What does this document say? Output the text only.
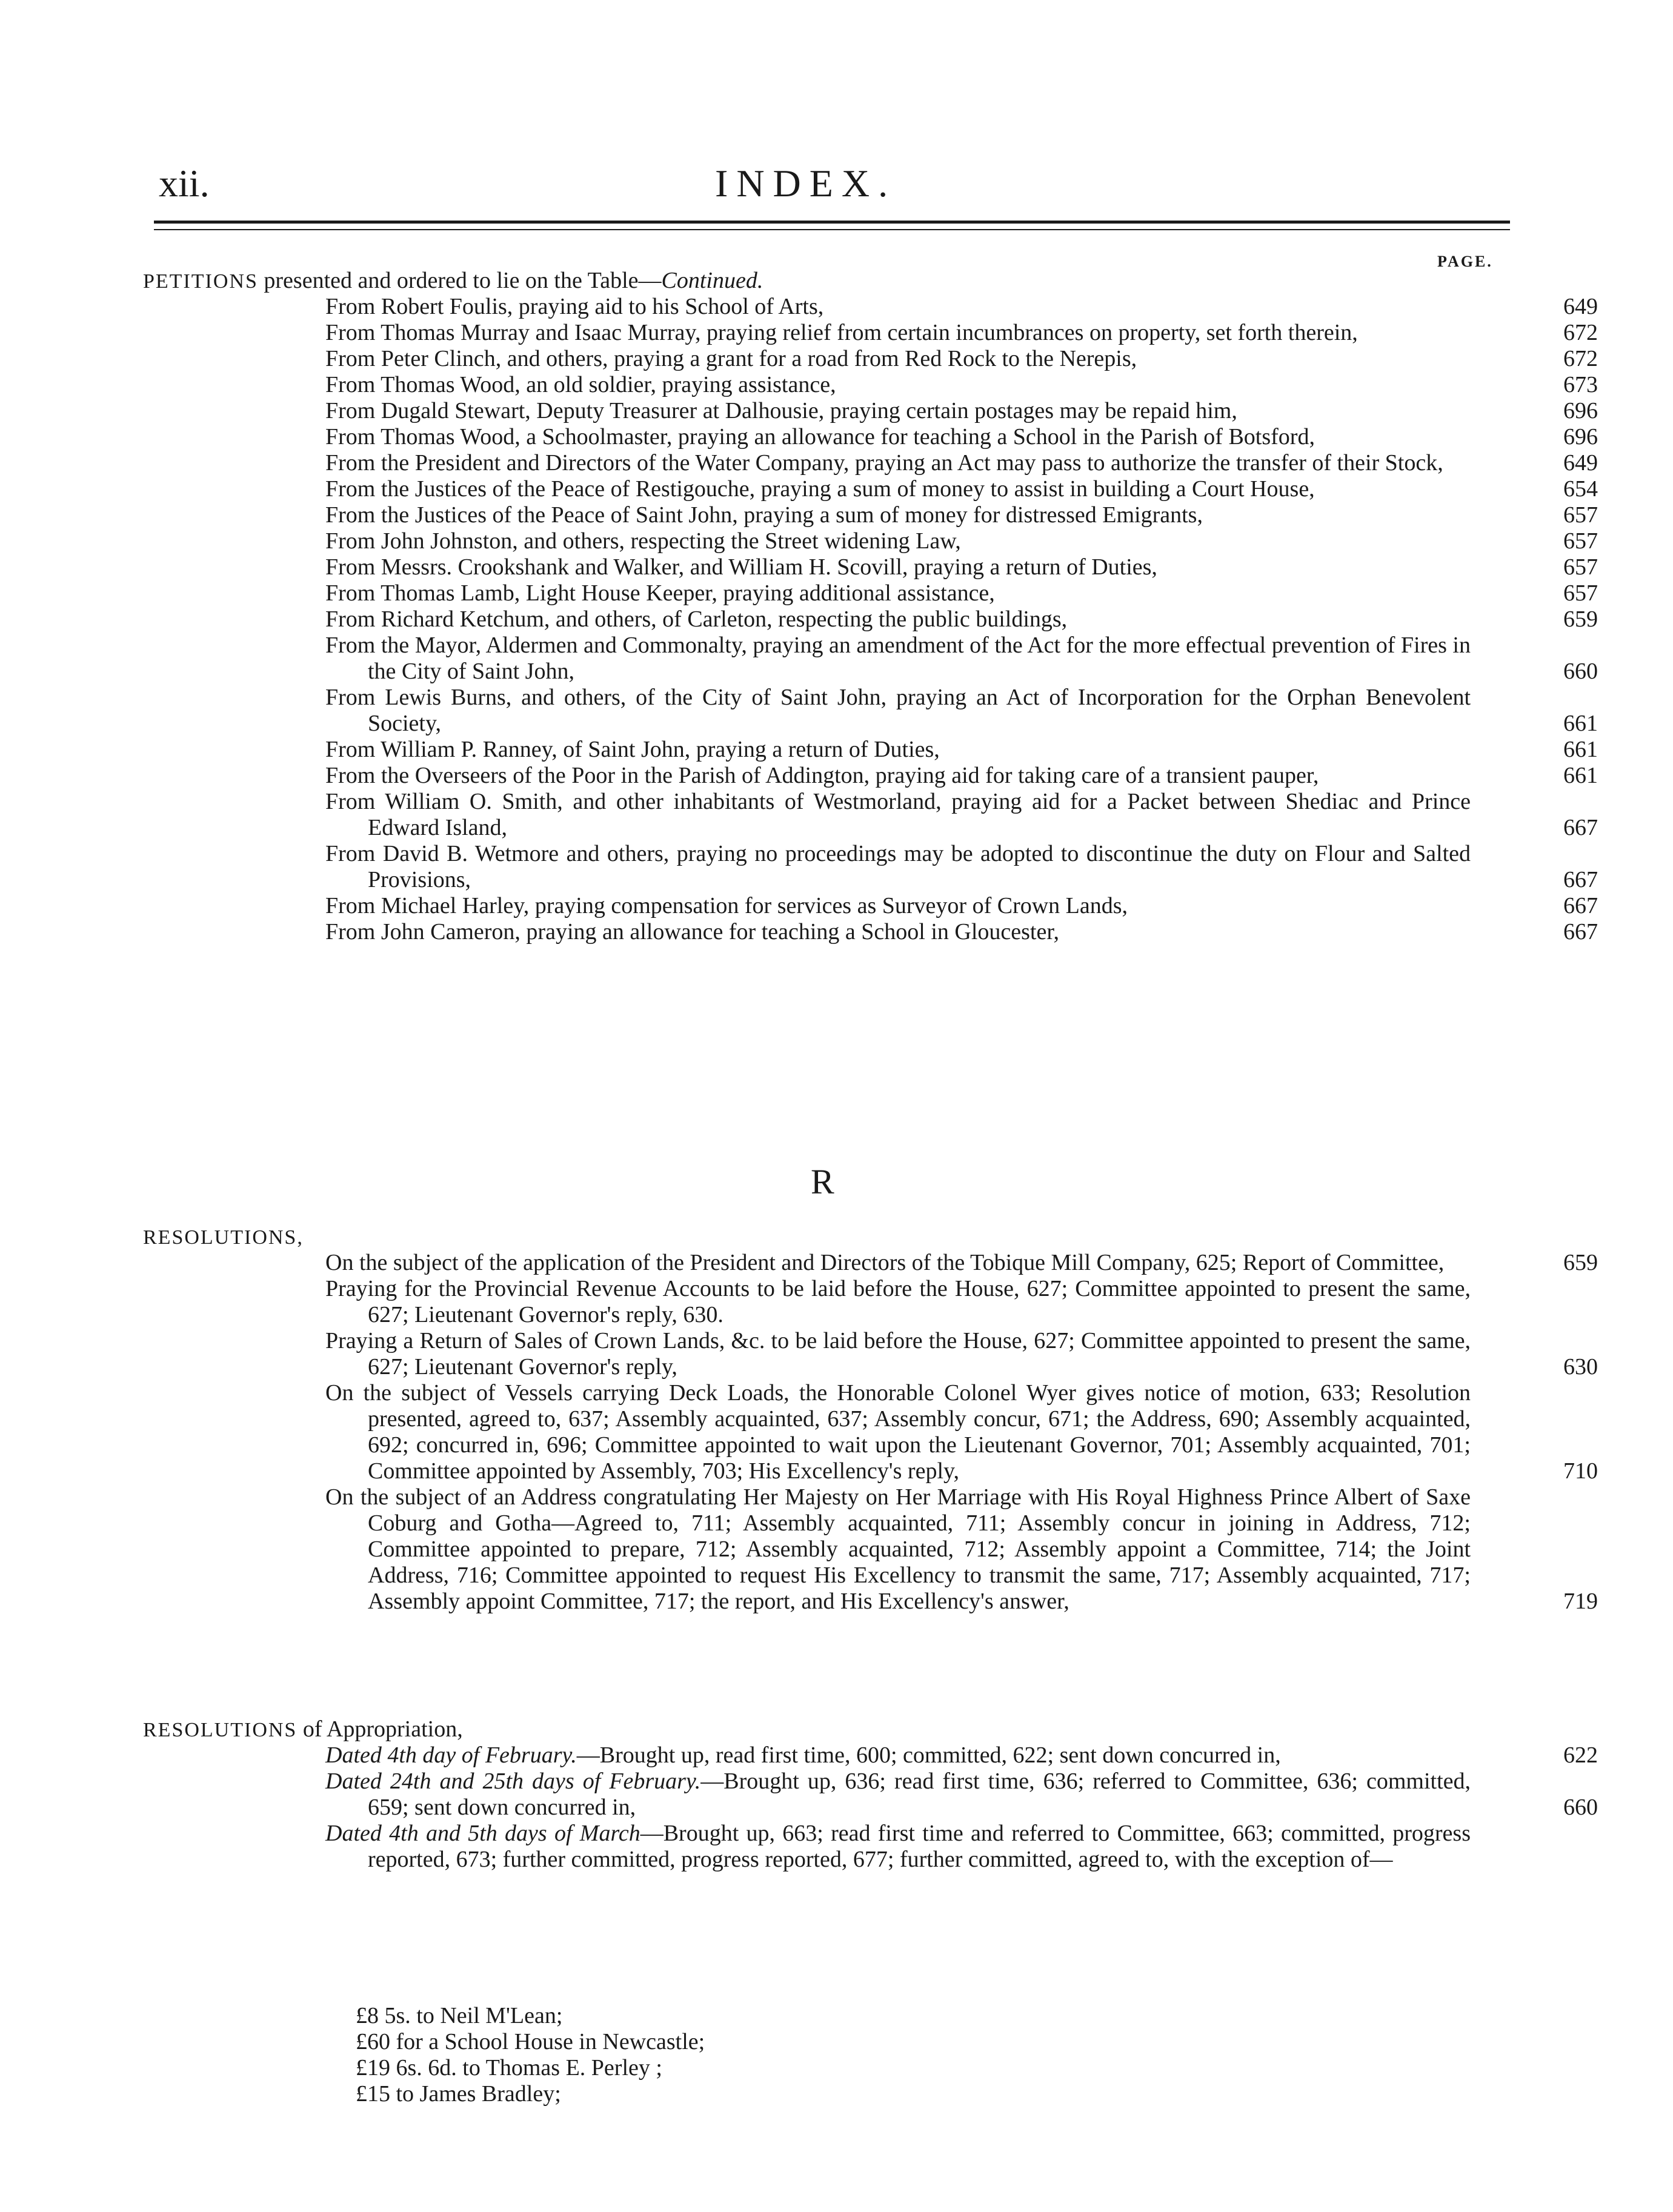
xii.	INDEX.
PAGE.
PETITIONS presented and ordered to lie on the Table—Continued.
From Robert Foulis, praying aid to his School of Arts,	649
From Thomas Murray and Isaac Murray, praying relief from certain incumbrances on property, set forth therein,	672
From Peter Clinch, and others, praying a grant for a road from Red Rock to the Nerepis,	672
From Thomas Wood, an old soldier, praying assistance,	673
From Dugald Stewart, Deputy Treasurer at Dalhousie, praying certain postages may be repaid him,	696
From Thomas Wood, a Schoolmaster, praying an allowance for teaching a School in the Parish of Botsford,	696
From the President and Directors of the Water Company, praying an Act may pass to authorize the transfer of their Stock,	649
From the Justices of the Peace of Restigouche, praying a sum of money to assist in building a Court House,	654
From the Justices of the Peace of Saint John, praying a sum of money for distressed Emigrants,	657
From John Johnston, and others, respecting the Street widening Law,	657
From Messrs. Crookshank and Walker, and William H. Scovill, praying a return of Duties,	657
From Thomas Lamb, Light House Keeper, praying additional assistance,	657
From Richard Ketchum, and others, of Carleton, respecting the public buildings,	659
From the Mayor, Aldermen and Commonalty, praying an amendment of the Act for the more effectual prevention of Fires in the City of Saint John,	660
From Lewis Burns, and others, of the City of Saint John, praying an Act of Incorporation for the Orphan Benevolent Society,	661
From William P. Ranney, of Saint John, praying a return of Duties,	661
From the Overseers of the Poor in the Parish of Addington, praying aid for taking care of a transient pauper,	661
From William O. Smith, and other inhabitants of Westmorland, praying aid for a Packet between Shediac and Prince Edward Island,	667
From David B. Wetmore and others, praying no proceedings may be adopted to discontinue the duty on Flour and Salted Provisions,	667
From Michael Harley, praying compensation for services as Surveyor of Crown Lands,	667
From John Cameron, praying an allowance for teaching a School in Gloucester,	667
R
RESOLUTIONS,
On the subject of the application of the President and Directors of the Tobique Mill Company, 625; Report of Committee,	659
Praying for the Provincial Revenue Accounts to be laid before the House, 627; Committee appointed to present the same, 627; Lieutenant Governor's reply, 630.
Praying a Return of Sales of Crown Lands, &c. to be laid before the House, 627; Committee appointed to present the same, 627; Lieutenant Governor's reply,	630
On the subject of Vessels carrying Deck Loads, the Honorable Colonel Wyer gives notice of motion, 633; Resolution presented, agreed to, 637; Assembly acquainted, 637; Assembly concur, 671; the Address, 690; Assembly acquainted, 692; concurred in, 696; Committee appointed to wait upon the Lieutenant Governor, 701; Assembly acquainted, 701; Committee appointed by Assembly, 703; His Excellency's reply,	710
On the subject of an Address congratulating Her Majesty on Her Marriage with His Royal Highness Prince Albert of Saxe Coburg and Gotha—Agreed to, 711; Assembly acquainted, 711; Assembly concur in joining in Address, 712; Committee appointed to prepare, 712; Assembly acquainted, 712; Assembly appoint a Committee, 714; the Joint Address, 716; Committee appointed to request His Excellency to transmit the same, 717; Assembly acquainted, 717; Assembly appoint Committee, 717; the report, and His Excellency's answer,	719
RESOLUTIONS of Appropriation,
Dated 4th day of February.—Brought up, read first time, 600; committed, 622; sent down concurred in,	622
Dated 24th and 25th days of February.—Brought up, 636; read first time, 636; referred to Committee, 636; committed, 659; sent down concurred in,	660
Dated 4th and 5th days of March—Brought up, 663; read first time and referred to Committee, 663; committed, progress reported, 673; further committed, progress reported, 677; further committed, agreed to, with the exception of—
£8 5s. to Neil M'Lean;
£60 for a School House in Newcastle;
£19 6s. 6d. to Thomas E. Perley ;
£15 to James Bradley;
